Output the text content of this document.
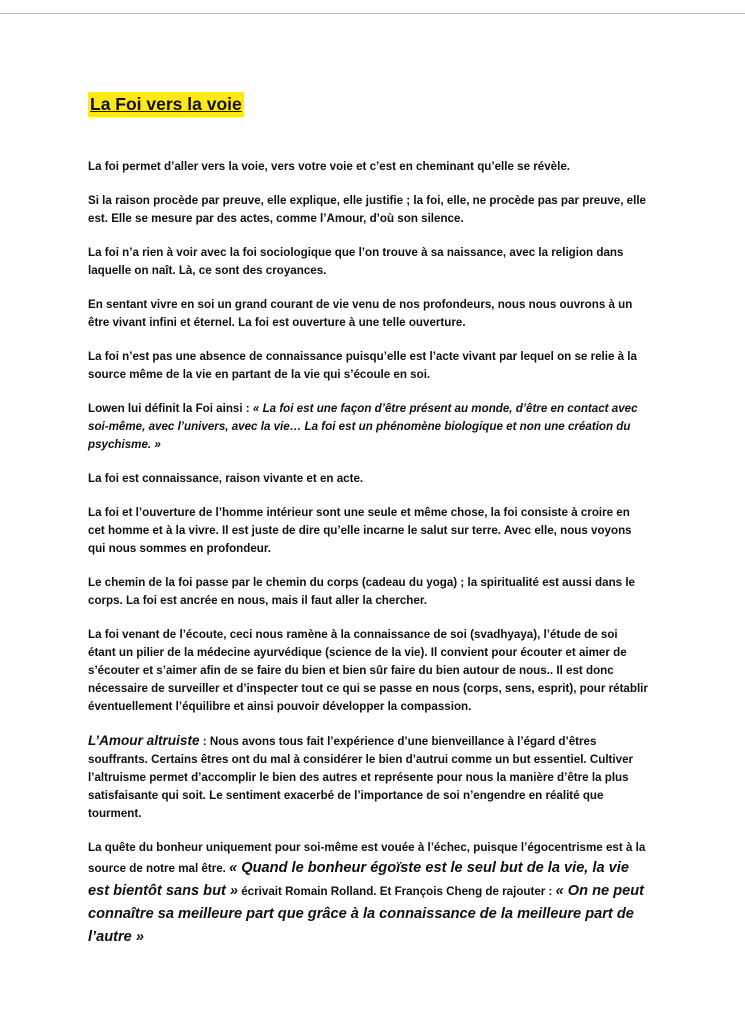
La Foi vers la voie

La foi permet d’aller vers la voie, vers votre voie et c’est en cheminant qu’elle se révèle.

Si la raison procède par preuve, elle explique, elle justifie ; la foi, elle, ne procède pas par preuve, elle est. Elle se mesure par des actes, comme l’Amour, d’où son silence.

La foi n’a rien à voir avec la foi sociologique que l’on trouve à sa naissance, avec la religion dans laquelle on naît. Là, ce sont des croyances.

En sentant vivre en soi un grand courant de vie venu de nos profondeurs, nous nous ouvrons à un être vivant infini et éternel. La foi est ouverture à une telle ouverture.

La foi n’est pas une absence de connaissance puisqu’elle est l’acte vivant par lequel on se relie à la source même de la vie en partant de la vie qui s’écoule en soi.

Lowen lui définit la Foi ainsi : « La foi est une façon d’être présent au monde, d’être en contact avec soi-même, avec l’univers, avec la vie… La foi est un phénomène biologique et non une création du psychisme. »

La foi est connaissance, raison vivante et en acte.

La foi et l’ouverture de l’homme intérieur sont une seule et même chose, la foi consiste à croire en cet homme et à la vivre. Il est juste de dire qu’elle incarne le salut sur terre. Avec elle, nous voyons qui nous sommes en profondeur.

Le chemin de la foi passe par le chemin du corps (cadeau du yoga) ; la spiritualité est aussi dans le corps. La foi est ancrée en nous, mais il faut aller la chercher.

La foi venant de l’écoute, ceci nous ramène à la connaissance de soi (svadhyaya), l’étude de soi étant un pilier de la médecine ayurvédique (science de la vie). Il convient pour écouter et aimer de s’écouter et s’aimer afin de se faire du bien et bien sûr faire du bien autour de nous.. Il est donc nécessaire de surveiller et d’inspecter tout ce qui se passe en nous (corps, sens, esprit), pour rétablir éventuellement l’équilibre et ainsi pouvoir développer la compassion.

L’Amour altruiste : Nous avons tous fait l’expérience d’une bienveillance à l’égard d’êtres souffrants. Certains êtres ont du mal à considérer le bien d’autrui comme un but essentiel. Cultiver l’altruisme permet d’accomplir le bien des autres et représente pour nous la manière d’être la plus satisfaisante qui soit. Le sentiment exacerbé de l’importance de soi n’engendre en réalité que tourment.

La quête du bonheur uniquement pour soi-même est vouée à l’échec, puisque l’égocentrisme est à la source de notre mal être. « Quand le bonheur égoïste est le seul but de la vie, la vie est bientôt sans but » écrivait Romain Rolland. Et François Cheng de rajouter : « On ne peut connaître sa meilleure part que grâce à la connaissance de la meilleure part de l’autre »
